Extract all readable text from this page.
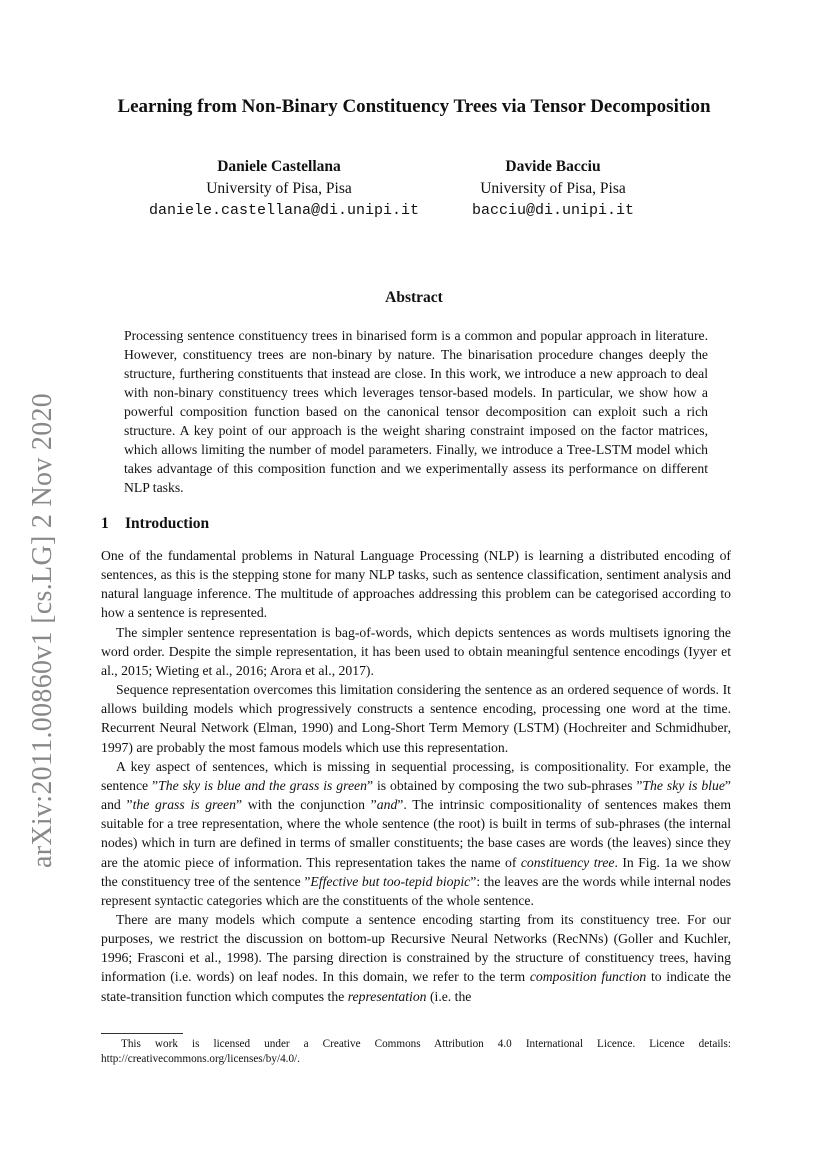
Learning from Non-Binary Constituency Trees via Tensor Decomposition
Daniele Castellana
University of Pisa, Pisa
daniele.castellana@di.unipi.it
Davide Bacciu
University of Pisa, Pisa
bacciu@di.unipi.it
Abstract
Processing sentence constituency trees in binarised form is a common and popular approach in literature. However, constituency trees are non-binary by nature. The binarisation procedure changes deeply the structure, furthering constituents that instead are close. In this work, we introduce a new approach to deal with non-binary constituency trees which leverages tensor-based models. In particular, we show how a powerful composition function based on the canonical tensor decomposition can exploit such a rich structure. A key point of our approach is the weight sharing constraint imposed on the factor matrices, which allows limiting the number of model parameters. Finally, we introduce a Tree-LSTM model which takes advantage of this composition function and we experimentally assess its performance on different NLP tasks.
1 Introduction

One of the fundamental problems in Natural Language Processing (NLP) is learning a distributed encoding of sentences, as this is the stepping stone for many NLP tasks, such as sentence classification, sentiment analysis and natural language inference. The multitude of approaches addressing this problem can be categorised according to how a sentence is represented.

The simpler sentence representation is bag-of-words, which depicts sentences as words multisets ignoring the word order. Despite the simple representation, it has been used to obtain meaningful sentence encodings (Iyyer et al., 2015; Wieting et al., 2016; Arora et al., 2017).

Sequence representation overcomes this limitation considering the sentence as an ordered sequence of words. It allows building models which progressively constructs a sentence encoding, processing one word at the time. Recurrent Neural Network (Elman, 1990) and Long-Short Term Memory (LSTM) (Hochreiter and Schmidhuber, 1997) are probably the most famous models which use this representation.

A key aspect of sentences, which is missing in sequential processing, is compositionality. For example, the sentence ”The sky is blue and the grass is green” is obtained by composing the two sub-phrases ”The sky is blue” and ”the grass is green” with the conjunction ”and”. The intrinsic compositionality of sentences makes them suitable for a tree representation, where the whole sentence (the root) is built in terms of sub-phrases (the internal nodes) which in turn are defined in terms of smaller constituents; the base cases are words (the leaves) since they are the atomic piece of information. This representation takes the name of constituency tree. In Fig. 1a we show the constituency tree of the sentence ”Effective but too-tepid biopic”: the leaves are the words while internal nodes represent syntactic categories which are the constituents of the whole sentence.

There are many models which compute a sentence encoding starting from its constituency tree. For our purposes, we restrict the discussion on bottom-up Recursive Neural Networks (RecNNs) (Goller and Kuchler, 1996; Frasconi et al., 1998). The parsing direction is constrained by the structure of constituency trees, having information (i.e. words) on leaf nodes. In this domain, we refer to the term composition function to indicate the state-transition function which computes the representation (i.e. the

This work is licensed under a Creative Commons Attribution 4.0 International Licence. Licence details:
http://creativecommons.org/licenses/by/4.0/.
arXiv:2011.00860v1 [cs.LG] 2 Nov 2020
